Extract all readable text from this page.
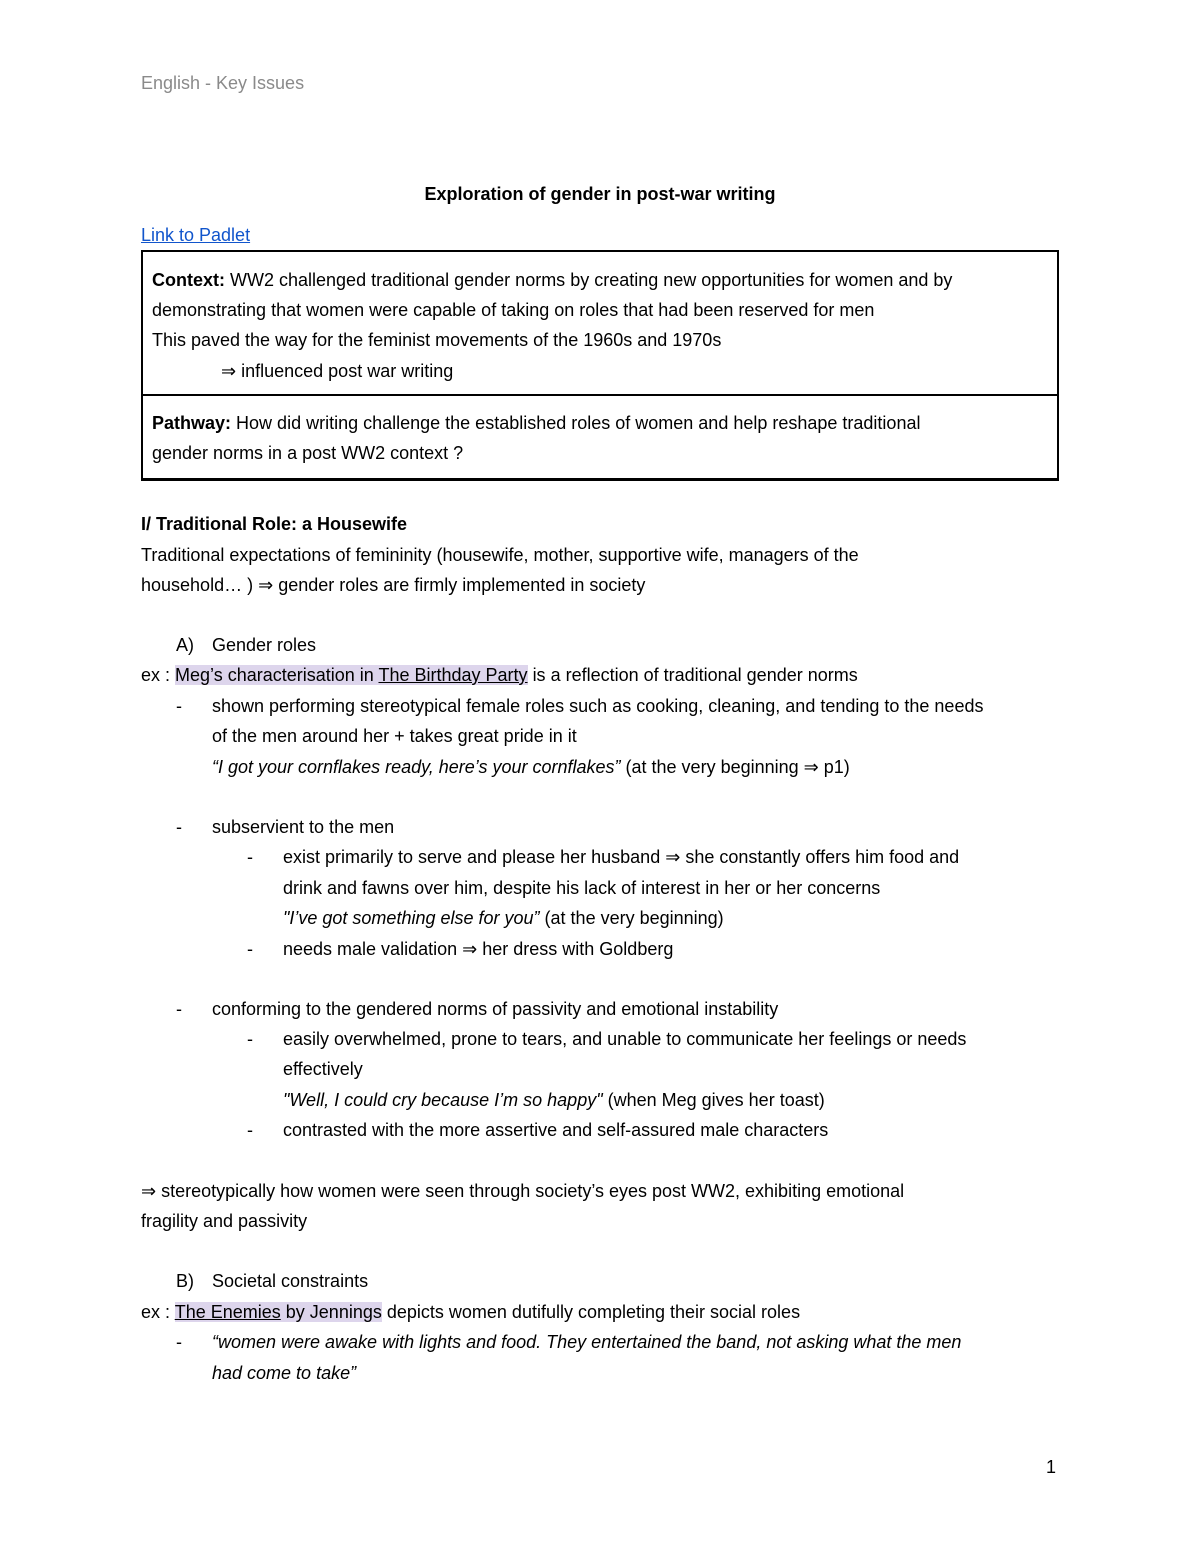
English - Key Issues
Exploration of gender in post-war writing
Link to Padlet
Context: WW2 challenged traditional gender norms by creating new opportunities for women and by
demonstrating that women were capable of taking on roles that had been reserved for men
This paved the way for the feminist movements of the 1960s and 1970s
⇒ influenced post war writing
Pathway: How did writing challenge the established roles of women and help reshape traditional
gender norms in a post WW2 context ?
I/ Traditional Role: a Housewife
Traditional expectations of femininity (housewife, mother, supportive wife, managers of the
household… ) ⇒ gender roles are firmly implemented in society
A) Gender roles
ex : Meg’s characterisation in The Birthday Party is a reflection of traditional gender norms
- shown performing stereotypical female roles such as cooking, cleaning, and tending to the needs
of the men around her + takes great pride in it
“I got your cornflakes ready, here’s your cornflakes” (at the very beginning ⇒ p1)
- subservient to the men
- exist primarily to serve and please her husband ⇒ she constantly offers him food and
drink and fawns over him, despite his lack of interest in her or her concerns
"I’ve got something else for you” (at the very beginning)
- needs male validation ⇒ her dress with Goldberg
- conforming to the gendered norms of passivity and emotional instability
- easily overwhelmed, prone to tears, and unable to communicate her feelings or needs
effectively
"Well, I could cry because I’m so happy" (when Meg gives her toast)
- contrasted with the more assertive and self-assured male characters
⇒ stereotypically how women were seen through society’s eyes post WW2, exhibiting emotional
fragility and passivity
B) Societal constraints
ex : The Enemies by Jennings depicts women dutifully completing their social roles
- “women were awake with lights and food. They entertained the band, not asking what the men
had come to take”
1
